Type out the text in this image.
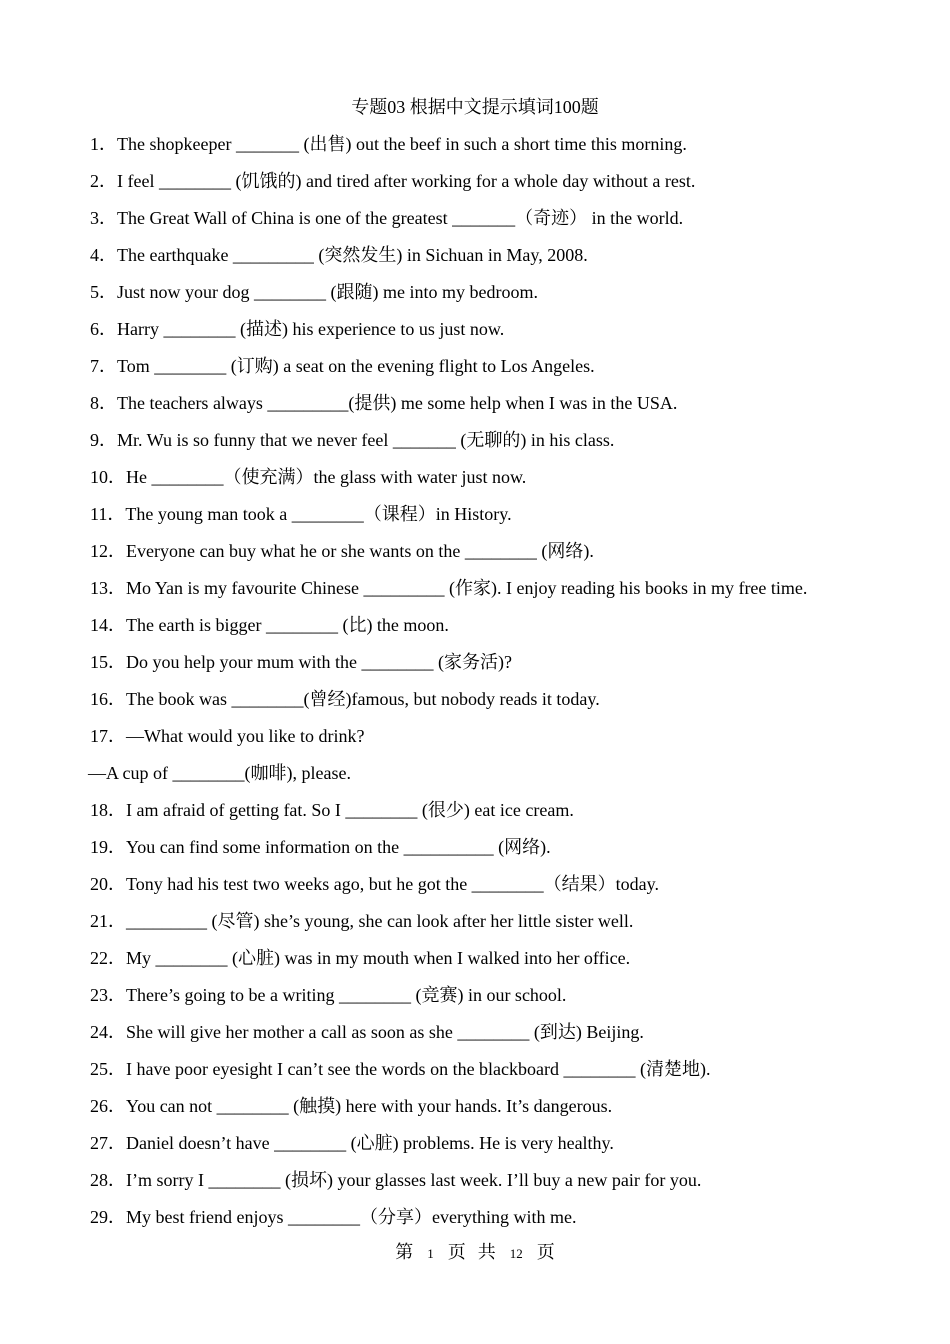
专题03 根据中文提示填词100题
1．The shopkeeper _______ (出售) out the beef in such a short time this morning.
2．I feel ________ (饥饿的) and tired after working for a whole day without a rest.
3．The Great Wall of China is one of the greatest _______（奇迹） in the world.
4．The earthquake _________ (突然发生) in Sichuan in May, 2008.
5．Just now your dog ________ (跟随) me into my bedroom.
6．Harry ________ (描述) his experience to us just now.
7．Tom ________ (订购) a seat on the evening flight to Los Angeles.
8．The teachers always _________(提供) me some help when I was in the USA.
9．Mr. Wu is so funny that we never feel _______ (无聊的) in his class.
10．He ________（使充满）the glass with water just now.
11．The young man took a ________（课程）in History.
12．Everyone can buy what he or she wants on the ________ (网络).
13．Mo Yan is my favourite Chinese _________ (作家). I enjoy reading his books in my free time.
14．The earth is bigger ________ (比) the moon.
15．Do you help your mum with the ________ (家务活)?
16．The book was ________(曾经)famous, but nobody reads it today.
17．—What would you like to drink?
—A cup of ________(咖啡), please.
18．I am afraid of getting fat. So I ________ (很少) eat ice cream.
19．You can find some information on the __________ (网络).
20．Tony had his test two weeks ago, but he got the ________（结果）today.
21．_________ (尽管) she’s young, she can look after her little sister well.
22．My ________ (心脏) was in my mouth when I walked into her office.
23．There’s going to be a writing ________ (竞赛) in our school.
24．She will give her mother a call as soon as she ________ (到达) Beijing.
25．I have poor eyesight I can’t see the words on the blackboard ________ (清楚地).
26．You can not ________ (触摸) here with your hands. It’s dangerous.
27．Daniel doesn’t have ________ (心脏) problems. He is very healthy.
28．I’m sorry I ________ (损坏) your glasses last week. I’ll buy a new pair for you.
29．My best friend enjoys ________（分享）everything with me.
第 1 页 共 12 页
